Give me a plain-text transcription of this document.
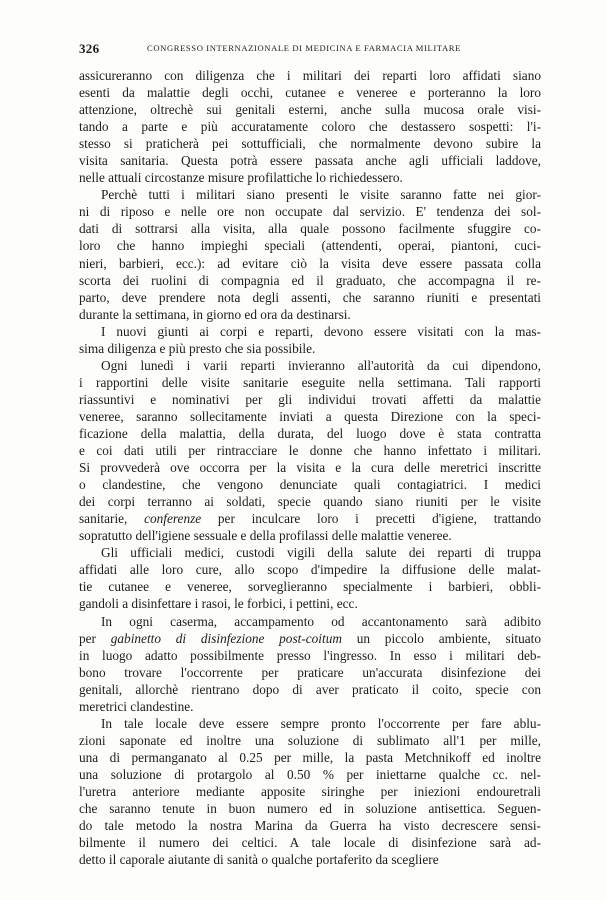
326	CONGRESSO INTERNAZIONALE DI MEDICINA E FARMACIA MILITARE
assicureranno con diligenza che i militari dei reparti loro affidati siano
esenti da malattie degli occhi, cutanee e veneree e porteranno la loro
attenzione, oltrechè sui genitali esterni, anche sulla mucosa orale visi-
tando a parte e più accuratamente coloro che destassero sospetti: l'i-
stesso si praticherà pei sottufficiali, che normalmente devono subire la
visita sanitaria. Questa potrà essere passata anche agli ufficiali laddove,
nelle attuali circostanze misure profilattiche lo richiedessero.
Perchè tutti i militari siano presenti le visite saranno fatte nei gior-
ni di riposo e nelle ore non occupate dal servizio. E' tendenza dei sol-
dati di sottrarsi alla visita, alla quale possono facilmente sfuggire co-
loro che hanno impieghi speciali (attendenti, operai, piantoni, cuci-
nieri, barbieri, ecc.): ad evitare ciò la visita deve essere passata colla
scorta dei ruolini di compagnia ed il graduato, che accompagna il re-
parto, deve prendere nota degli assenti, che saranno riuniti e presentati
durante la settimana, in giorno ed ora da destinarsi.
I nuovi giunti ai corpi e reparti, devono essere visitati con la mas-
sima diligenza e più presto che sia possibile.
Ogni lunedì i varii reparti invieranno all'autorità da cui dipendono,
i rapportini delle visite sanitarie eseguite nella settimana. Tali rapporti
riassuntivi e nominativi per gli individui trovati affetti da malattie
veneree, saranno sollecitamente inviati a questa Direzione con la speci-
ficazione della malattia, della durata, del luogo dove è stata contratta
e coi dati utili per rintracciare le donne che hanno infettato i militari.
Si provvederà ove occorra per la visita e la cura delle meretrici inscritte
o clandestine, che vengono denunciate quali contagiatrici. I medici
dei corpi terranno ai soldati, specie quando siano riuniti per le visite
sanitarie, conferenze per inculcare loro i precetti d'igiene, trattando
sopratutto dell'igiene sessuale e della profilassi delle malattie veneree.
Gli ufficiali medici, custodi vigili della salute dei reparti di truppa
affidati alle loro cure, allo scopo d'impedire la diffusione delle malat-
tie cutanee e veneree, sorveglieranno specialmente i barbieri, obbli-
gandoli a disinfettare i rasoi, le forbici, i pettini, ecc.
In ogni caserma, accampamento od accantonamento sarà adibito
per gabinetto di disinfezione post-coitum un piccolo ambiente, situato
in luogo adatto possibilmente presso l'ingresso. In esso i militari deb-
bono trovare l'occorrente per praticare un'accurata disinfezione dei
genitali, allorchè rientrano dopo di aver praticato il coito, specie con
meretrici clandestine.
In tale locale deve essere sempre pronto l'occorrente per fare ablu-
zioni saponate ed inoltre una soluzione di sublimato all'1 per mille,
una di permanganato al 0.25 per mille, la pasta Metchnikoff ed inoltre
una soluzione di protargolo al 0.50 % per iniettarne qualche cc. nel-
l'uretra anteriore mediante apposite siringhe per iniezioni endouretrali
che saranno tenute in buon numero ed in soluzione antisettica. Seguen-
do tale metodo la nostra Marina da Guerra ha visto decrescere sensi-
bilmente il numero dei celtici. A tale locale di disinfezione sarà ad-
detto il caporale aiutante di sanità o qualche portaferito da scegliere
